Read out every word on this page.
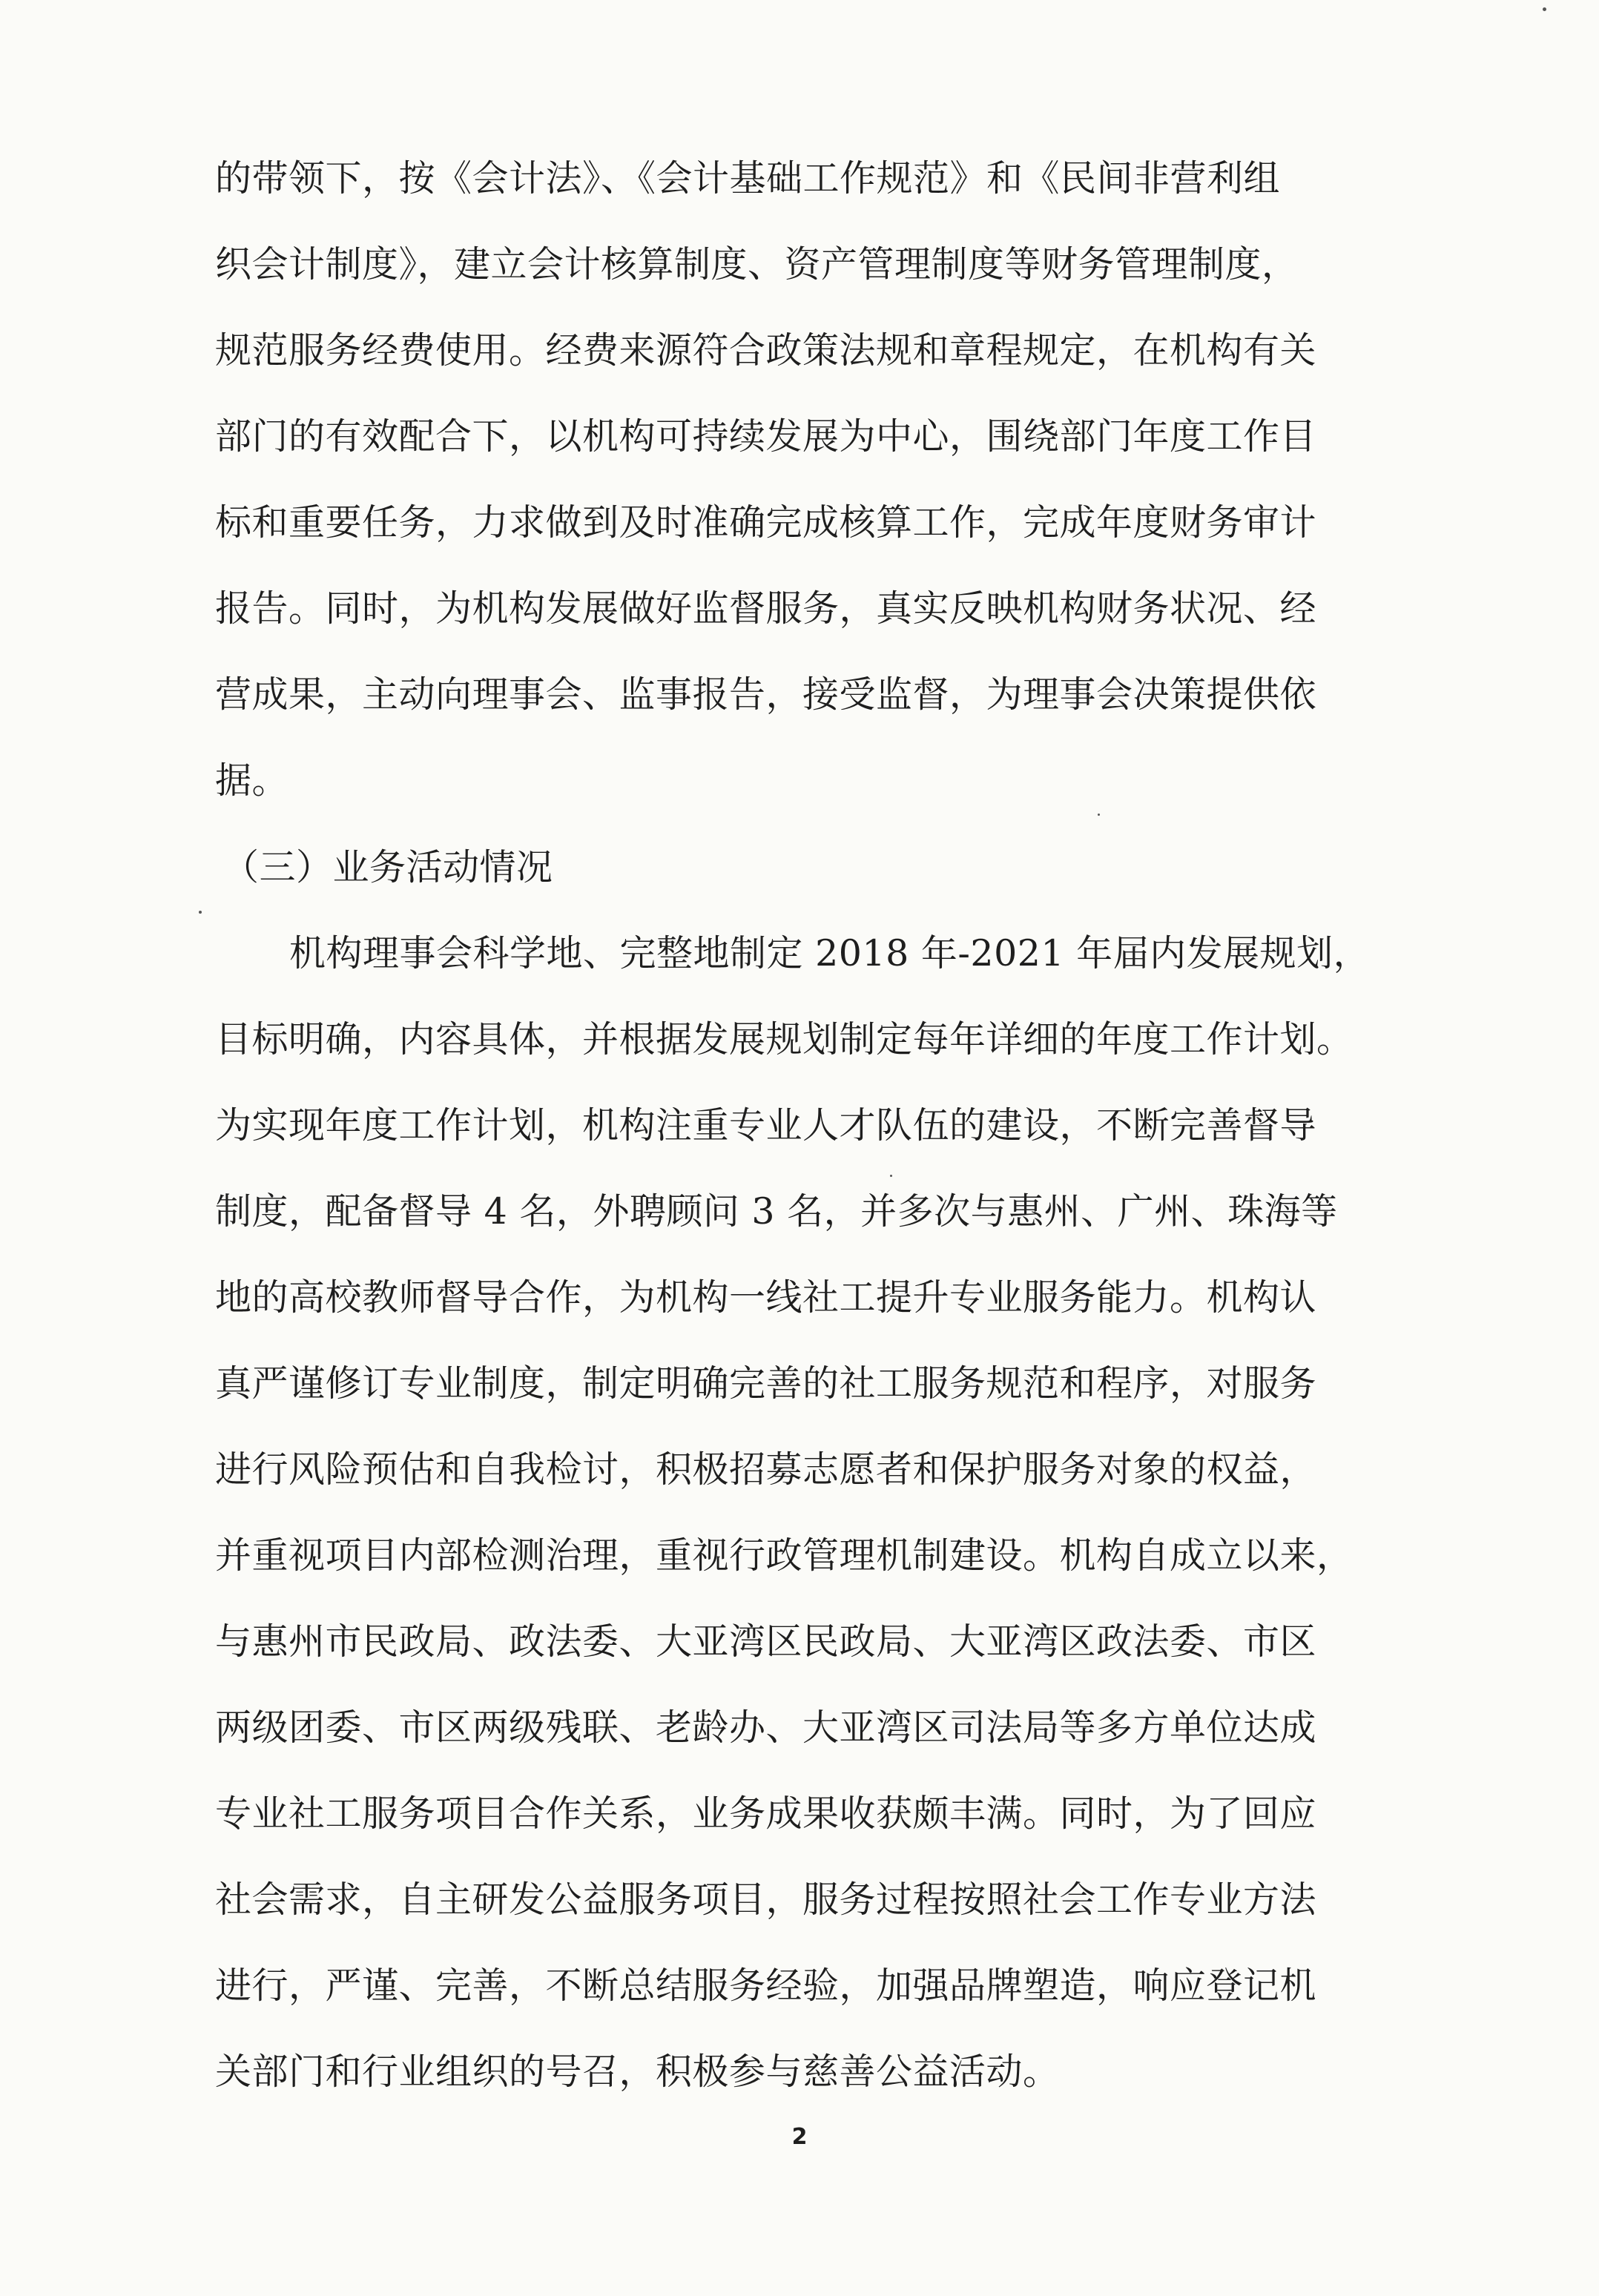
的带领下，按《会计法》、《会计基础工作规范》和《民间非营利组
织会计制度》，建立会计核算制度、资产管理制度等财务管理制度，
规范服务经费使用。经费来源符合政策法规和章程规定，在机构有关
部门的有效配合下，以机构可持续发展为中心，围绕部门年度工作目
标和重要任务，力求做到及时准确完成核算工作，完成年度财务审计
报告。同时，为机构发展做好监督服务，真实反映机构财务状况、经
营成果，主动向理事会、监事报告，接受监督，为理事会决策提供依
据。
（三）业务活动情况
机构理事会科学地、完整地制定 2018 年-2021 年届内发展规划，
目标明确，内容具体，并根据发展规划制定每年详细的年度工作计划。
为实现年度工作计划，机构注重专业人才队伍的建设，不断完善督导
制度，配备督导 4 名，外聘顾问 3 名，并多次与惠州、广州、珠海等
地的高校教师督导合作，为机构一线社工提升专业服务能力。机构认
真严谨修订专业制度，制定明确完善的社工服务规范和程序，对服务
进行风险预估和自我检讨，积极招募志愿者和保护服务对象的权益，
并重视项目内部检测治理，重视行政管理机制建设。机构自成立以来，
与惠州市民政局、政法委、大亚湾区民政局、大亚湾区政法委、市区
两级团委、市区两级残联、老龄办、大亚湾区司法局等多方单位达成
专业社工服务项目合作关系，业务成果收获颇丰满。同时，为了回应
社会需求，自主研发公益服务项目，服务过程按照社会工作专业方法
进行，严谨、完善，不断总结服务经验，加强品牌塑造，响应登记机
关部门和行业组织的号召，积极参与慈善公益活动。
2
